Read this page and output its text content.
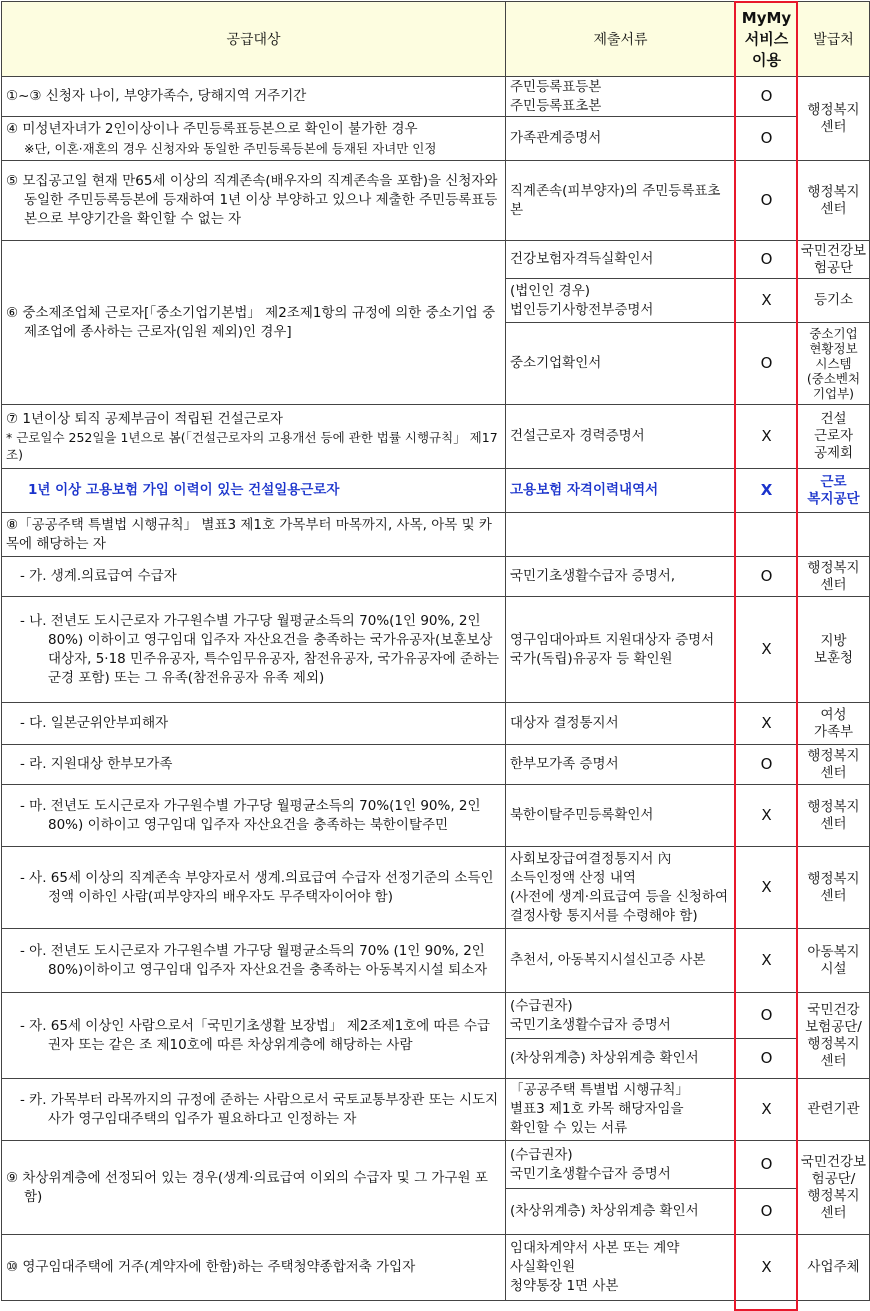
공급대상	제출서류	MyMy
서비스
이용	발급처
①~③ 신청자 나이, 부양가족수, 당해지역 거주기간	주민등록표등본
주민등록표초본	O	행정복지
센터
④ 미성년자녀가 2인이상이나 주민등록표등본으로 확인이 불가한 경우
※단, 이혼·재혼의 경우 신청자와 동일한 주민등록등본에 등재된 자녀만 인정	가족관계증명서	O	

⑤ 모집공고일 현재 만65세 이상의 직계존속(배우자의 직계존속을 포함)을 신청자와 동일한 주민등록등본에 등재하여 1년 이상 부양하고 있으나 제출한 주민등록표등본으로 부양기간을 확인할 수 없는 자	직계존속(피부양자)의 주민등록표초본	O	행정복지
센터

⑥ 중소제조업체 근로자[「중소기업기본법」 제2조제1항의 규정에 의한 중소기업 중 제조업에 종사하는 근로자(임원 제외)인 경우]	건강보험자격득실확인서	O	국민건강보
험공단
	(법인인 경우)
법인등기사항전부증명서	X	등기소
	중소기업확인서	O	중소기업
현황정보
시스템
(중소벤처
기업부)
⑦ 1년이상 퇴직 공제부금이 적립된 건설근로자
* 근로일수 252일을 1년으로 봄(「건설근로자의 고용개선 등에 관한 법률 시행규칙」 제17조)	건설근로자 경력증명서	X	건설
근로자
공제회
1년 이상 고용보험 가입 이력이 있는 건설일용근로자	고용보험 자격이력내역서	X	근로
복지공단
⑧「공공주택 특별법 시행규칙」 별표3 제1호 가목부터 마목까지, 사목, 아목 및 카목에 해당하는 자			
- 가. 생계.의료급여 수급자	국민기초생활수급자 증명서,	O	행정복지
센터

- 나. 전년도 도시근로자 가구원수별 가구당 월평균소득의 70%(1인 90%, 2인 80%) 이하이고 영구임대 입주자 자산요건을 충족하는 국가유공자(보훈보상대상자, 5·18 민주유공자, 특수임무유공자, 참전유공자, 국가유공자에 준하는 군경 포함) 또는 그 유족(참전유공자 유족 제외)	영구임대아파트 지원대상자 증명서
국가(독립)유공자 등 확인원	X	지방
보훈청
- 다. 일본군위안부피해자	대상자 결정통지서	X	여성
가족부
- 라. 지원대상 한부모가족	한부모가족 증명서	O	행정복지
센터

- 마. 전년도 도시근로자 가구원수별 가구당 월평균소득의 70%(1인 90%, 2인 80%) 이하이고 영구임대 입주자 자산요건을 충족하는 북한이탈주민	북한이탈주민등록확인서	X	행정복지
센터

- 사. 65세 이상의 직계존속 부양자로서 생계.의료급여 수급자 선정기준의 소득인정액 이하인 사람(피부양자의 배우자도 무주택자이어야 함)	사회보장급여결정통지서 內
소득인정액 산정 내역
(사전에 생계·의료급여 등을 신청하여 결정사항 통지서를 수령해야 함)	X	행정복지
센터

- 아. 전년도 도시근로자 가구원수별 가구당 월평균소득의 70% (1인 90%, 2인 80%)이하이고 영구임대 입주자 자산요건을 충족하는 아동복지시설 퇴소자	추천서, 아동복지시설신고증 사본	X	아동복지
시설

- 자. 65세 이상인 사람으로서「국민기초생활 보장법」 제2조제1호에 따른 수급권자 또는 같은 조 제10호에 따른 차상위계층에 해당하는 사람	(수급권자)
국민기초생활수급자 증명서	O	국민건강
보험공단/
행정복지
센터
	(차상위계층) 차상위계층 확인서	O	

- 카. 가목부터 라목까지의 규정에 준하는 사람으로서 국토교통부장관 또는 시도지사가 영구임대주택의 입주가 필요하다고 인정하는 자	「공공주택 특별법 시행규칙」
별표3 제1호 카목 해당자임을
확인할 수 있는 서류	X	관련기관

⑨ 차상위계층에 선정되어 있는 경우(생계·의료급여 이외의 수급자 및 그 가구원 포함)	(수급권자)
국민기초생활수급자 증명서	O	국민건강보
험공단/
행정복지
센터
	(차상위계층) 차상위계층 확인서	O	
⑩ 영구임대주택에 거주(계약자에 한함)하는 주택청약종합저축 가입자	임대차계약서 사본 또는 계약
사실확인원
청약통장 1면 사본	X	사업주체
